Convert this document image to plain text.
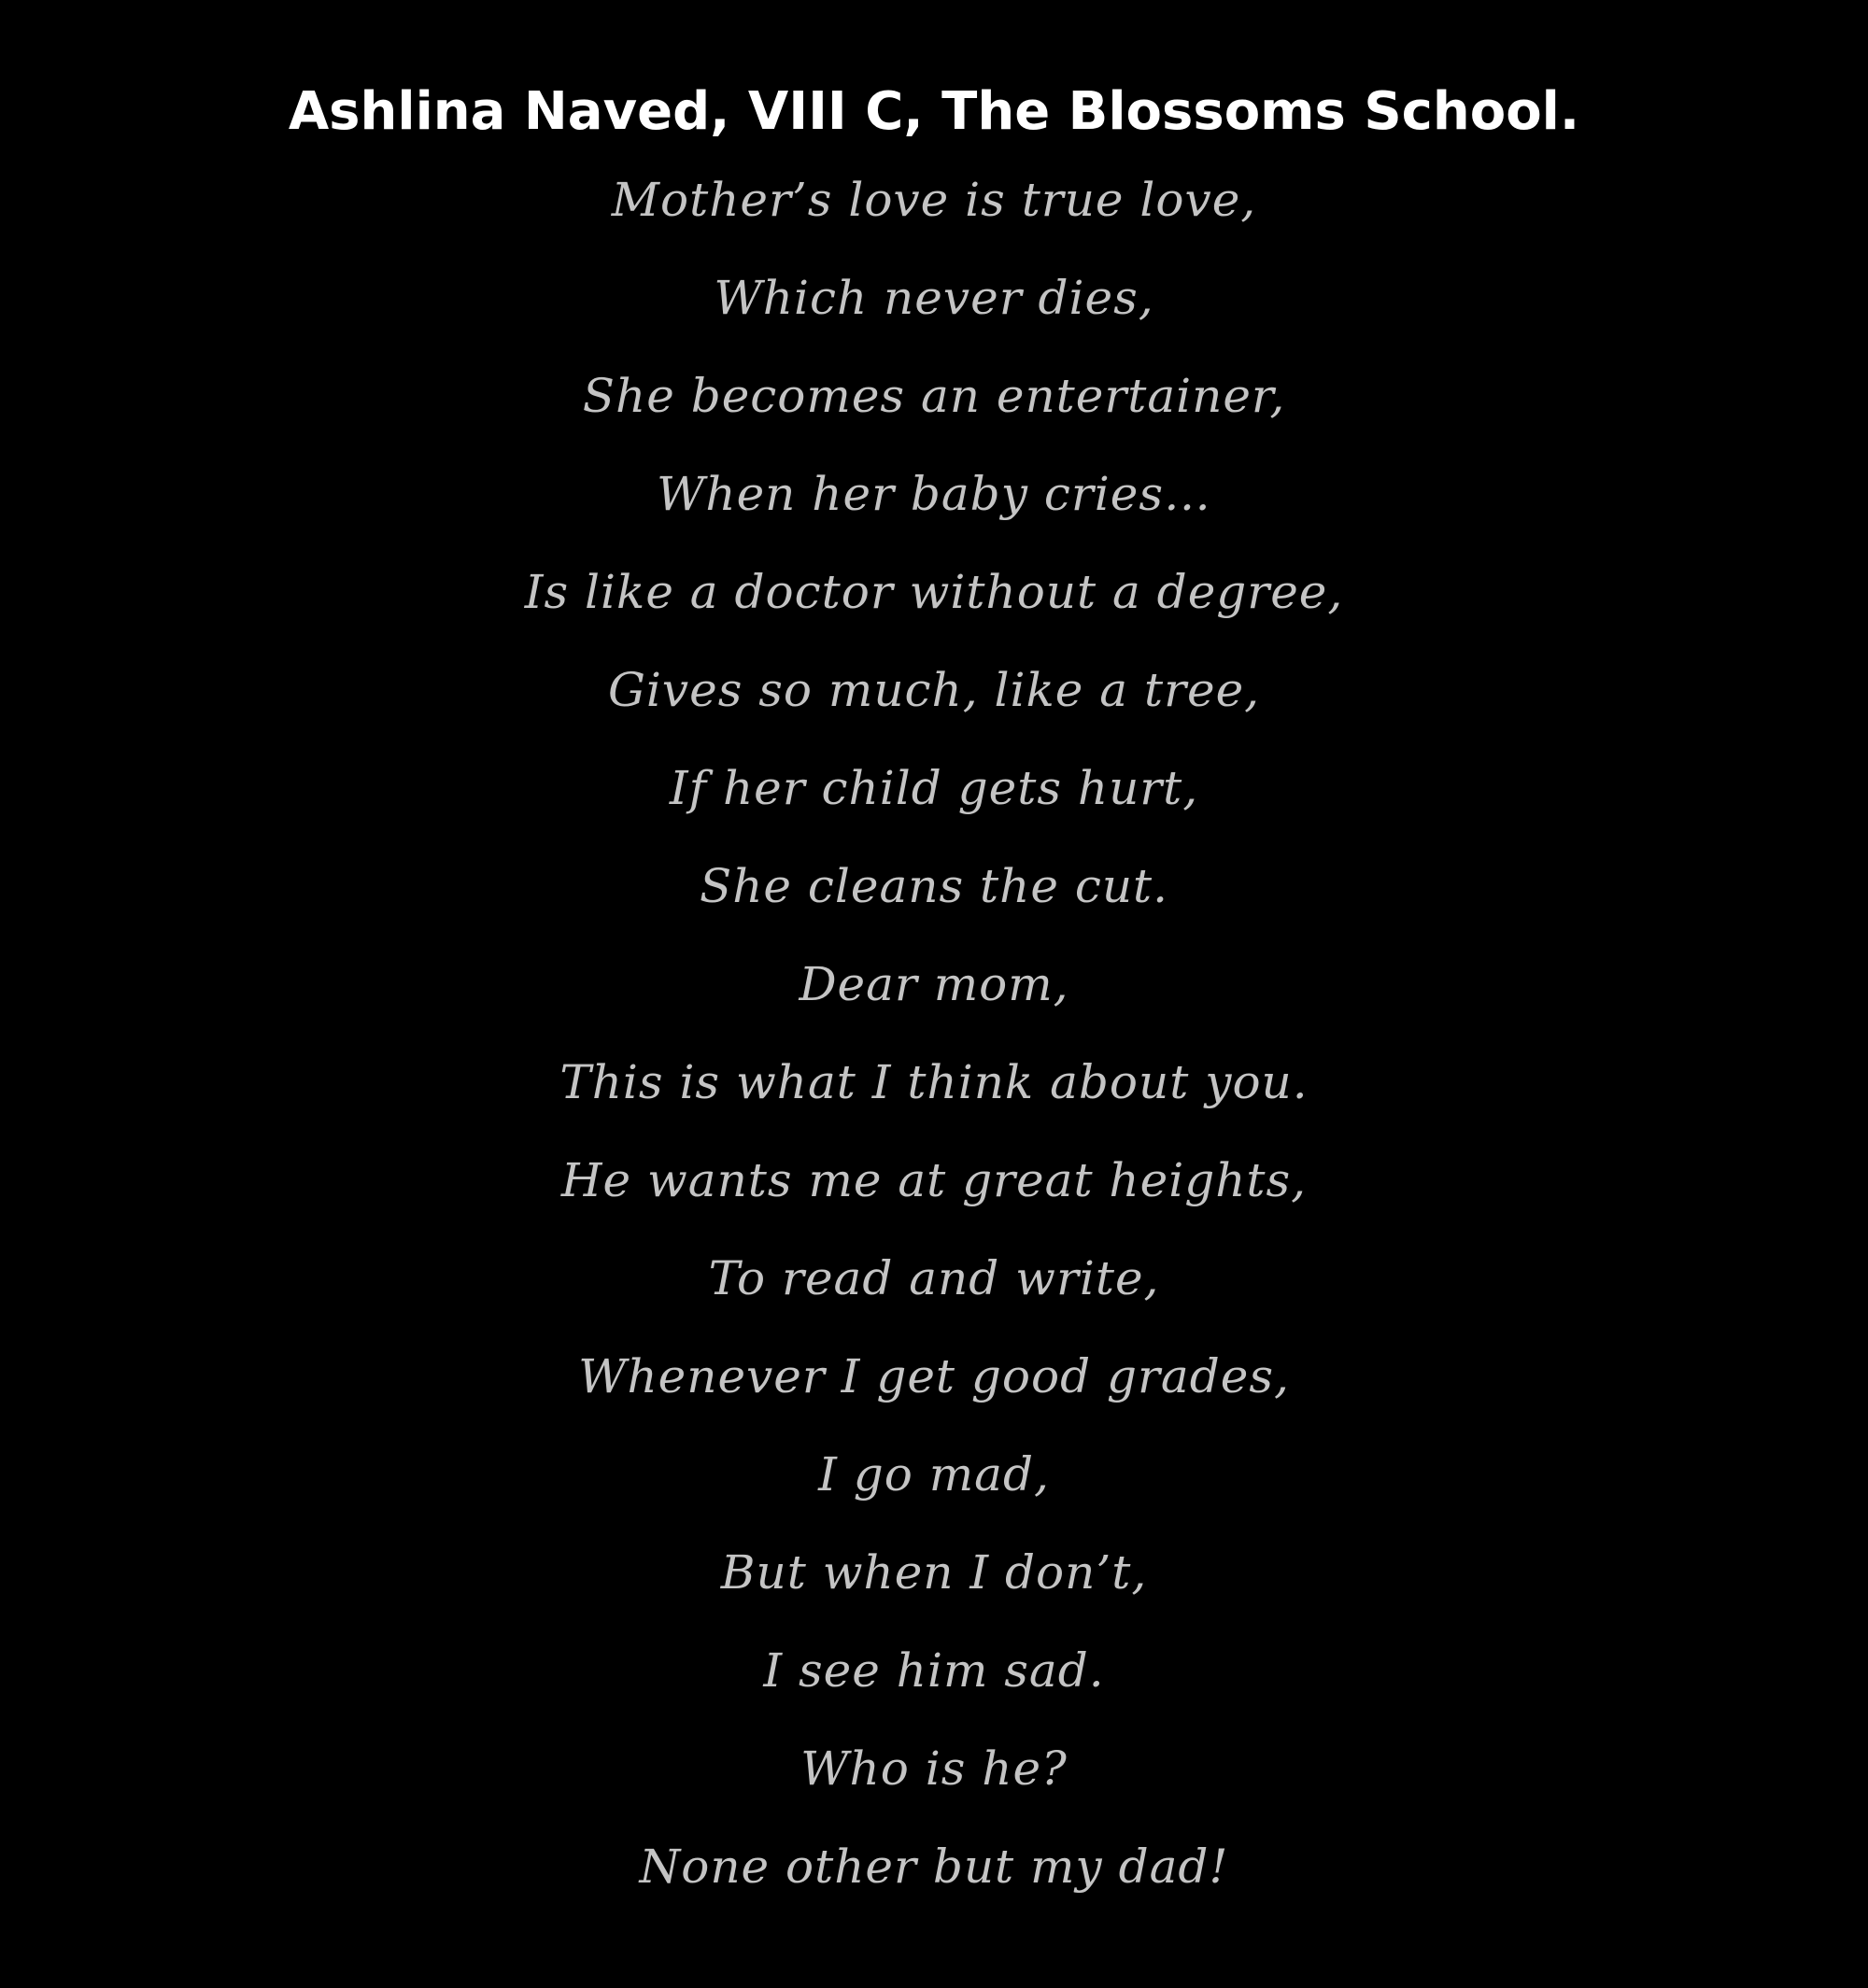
Ashlina Naved, VIII C, The Blossoms School.
Mother’s love is true love,
Which never dies,
She becomes an entertainer,
When her baby cries…
Is like a doctor without a degree,
Gives so much, like a tree,
If her child gets hurt,
She cleans the cut.
Dear mom,
This is what I think about you.
He wants me at great heights,
To read and write,
Whenever I get good grades,
I go mad,
But when I don’t,
I see him sad.
Who is he?
None other but my dad!
